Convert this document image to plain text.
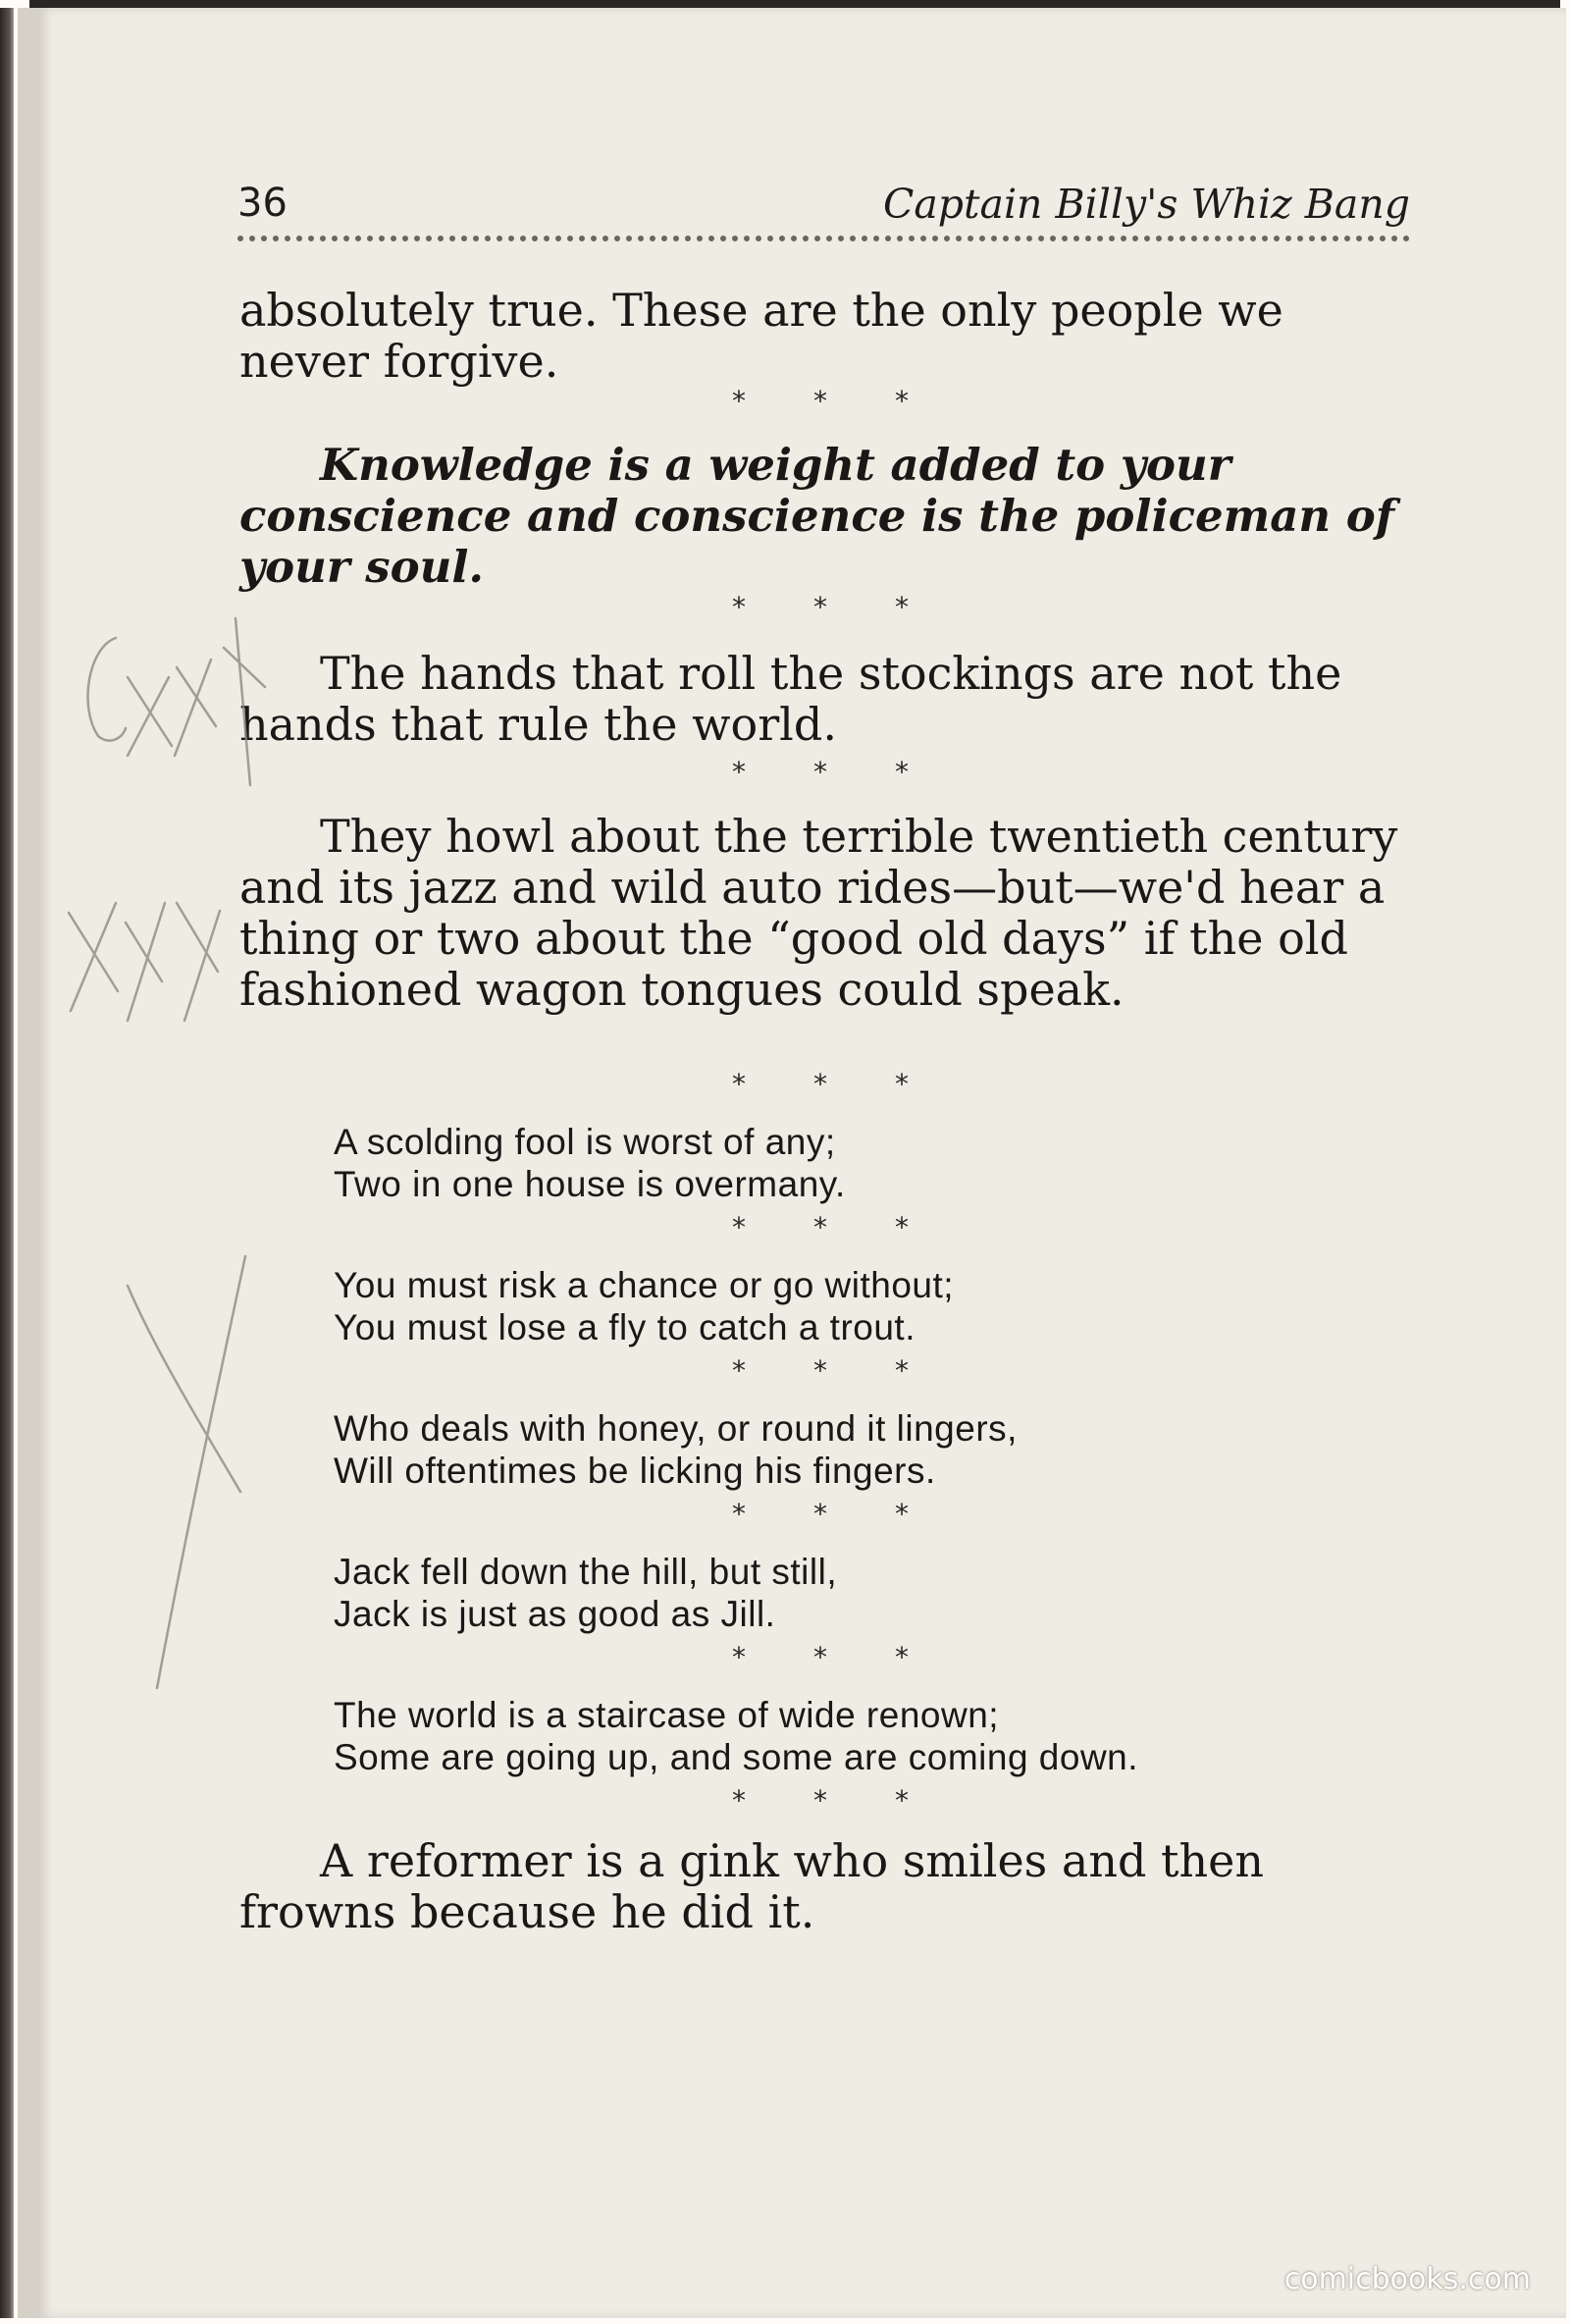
36	Captain Billy's Whiz Bang
absolutely true. These are the only people we never forgive.
* * *
Knowledge is a weight added to your conscience and conscience is the policeman of your soul.
* * *
The hands that roll the stockings are not the hands that rule the world.
* * *
They howl about the terrible twentieth century and its jazz and wild auto rides—but—we'd hear a thing or two about the “good old days” if the old fashioned wagon tongues could speak.
* * *
A scolding fool is worst of any;
Two in one house is overmany.
* * *
You must risk a chance or go without;
You must lose a fly to catch a trout.
* * *
Who deals with honey, or round it lingers,
Will oftentimes be licking his fingers.
* * *
Jack fell down the hill, but still,
Jack is just as good as Jill.
* * *
The world is a staircase of wide renown;
Some are going up, and some are coming down.
* * *
A reformer is a gink who smiles and then frowns because he did it.
comicbooks.com
